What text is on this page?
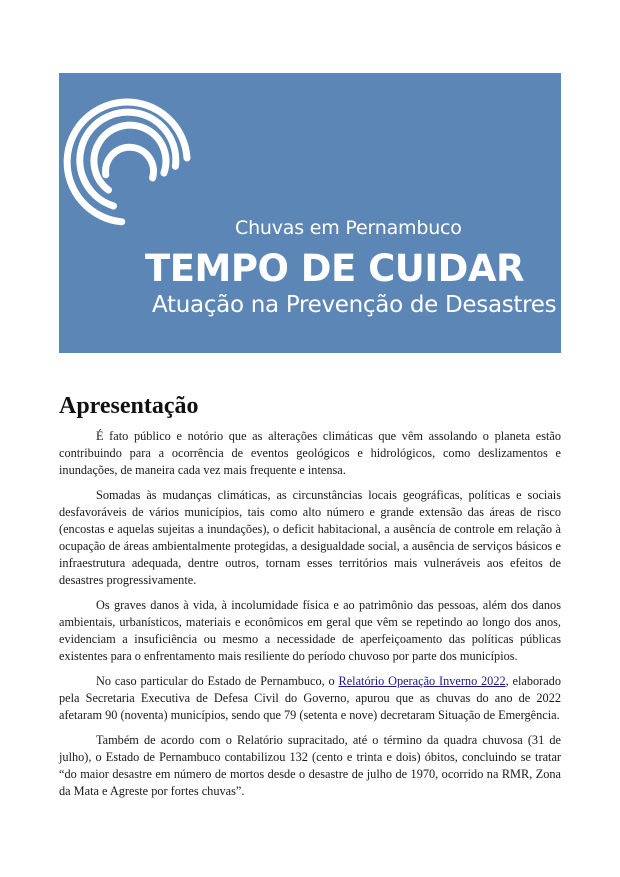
Chuvas em Pernambuco
TEMPO DE CUIDAR
Atuação na Prevenção de Desastres
Apresentação

É fato público e notório que as alterações climáticas que vêm assolando o planeta estão contribuindo para a ocorrência de eventos geológicos e hidrológicos, como deslizamentos e inundações, de maneira cada vez mais frequente e intensa.

Somadas às mudanças climáticas, as circunstâncias locais geográficas, políticas e sociais desfavoráveis de vários municípios, tais como alto número e grande extensão das áreas de risco (encostas e aquelas sujeitas a inundações), o deficit habitacional, a ausência de controle em relação à ocupação de áreas ambientalmente protegidas, a desigualdade social, a ausência de serviços básicos e infraestrutura adequada, dentre outros, tornam esses territórios mais vulneráveis aos efeitos de desastres progressivamente.

Os graves danos à vida, à incolumidade física e ao patrimônio das pessoas, além dos danos ambientais, urbanísticos, materiais e econômicos em geral que vêm se repetindo ao longo dos anos, evidenciam a insuficiência ou mesmo a necessidade de aperfeiçoamento das políticas públicas existentes para o enfrentamento mais resiliente do período chuvoso por parte dos municípios.

No caso particular do Estado de Pernambuco, o Relatório Operação Inverno 2022, elaborado pela Secretaria Executiva de Defesa Civil do Governo, apurou que as chuvas do ano de 2022 afetaram 90 (noventa) municípios, sendo que 79 (setenta e nove) decretaram Situação de Emergência.

Também de acordo com o Relatório supracitado, até o término da quadra chuvosa (31 de julho), o Estado de Pernambuco contabilizou 132 (cento e trinta e dois) óbitos, concluindo se tratar “do maior desastre em número de mortos desde o desastre de julho de 1970, ocorrido na RMR, Zona da Mata e Agreste por fortes chuvas”.
